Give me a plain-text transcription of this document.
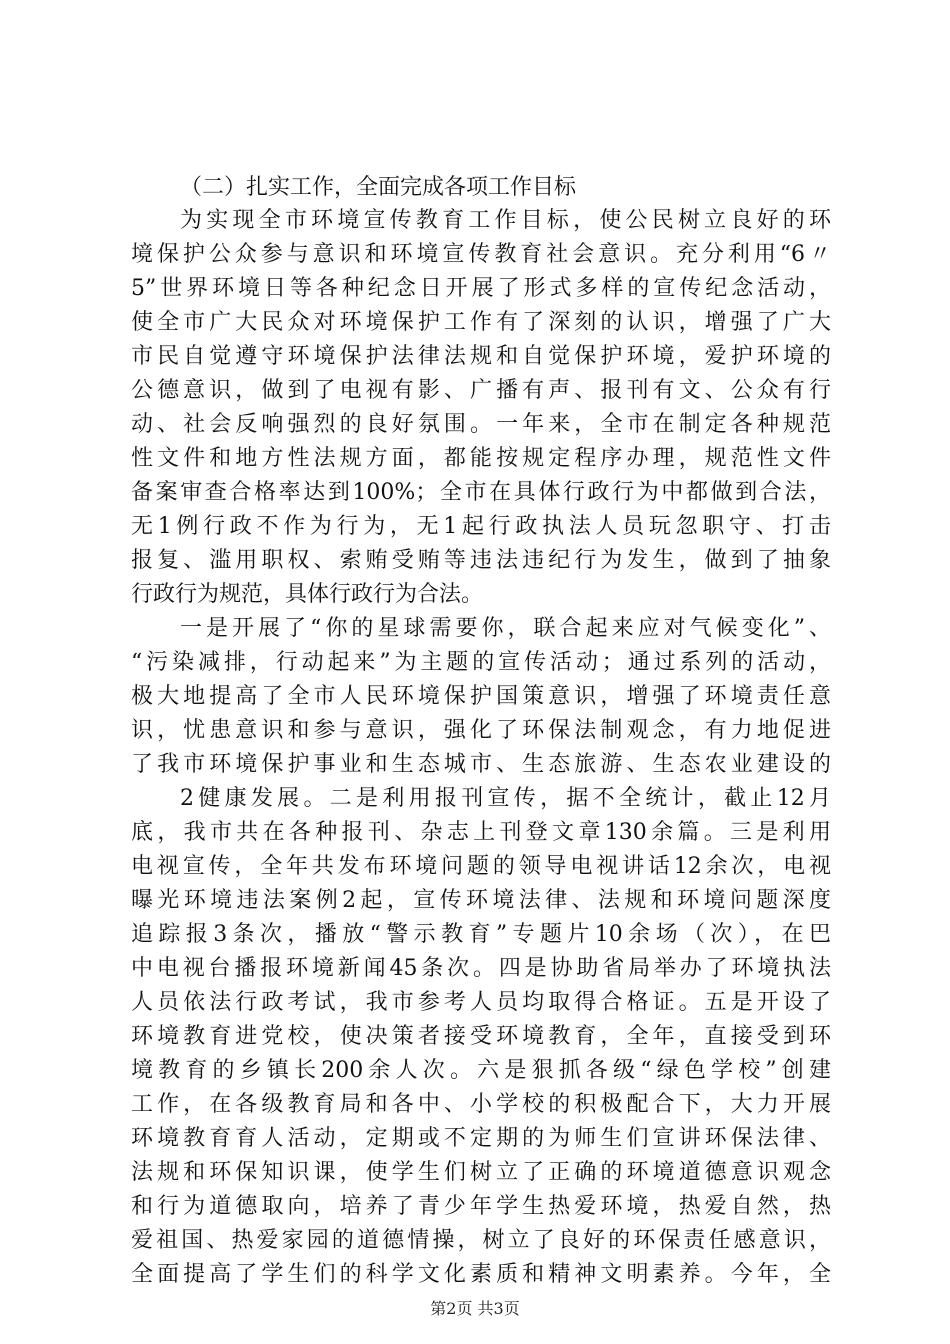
（二）扎实工作，全面完成各项工作目标
为实现全市环境宣传教育工作目标，使公民树立良好的环
境保护公众参与意识和环境宣传教育社会意识。充分利用“6〃
5”世界环境日等各种纪念日开展了形式多样的宣传纪念活动，
使全市广大民众对环境保护工作有了深刻的认识，增强了广大
市民自觉遵守环境保护法律法规和自觉保护环境，爱护环境的
公德意识，做到了电视有影、广播有声、报刊有文、公众有行
动、社会反响强烈的良好氛围。一年来，全市在制定各种规范
性文件和地方性法规方面，都能按规定程序办理，规范性文件
备案审查合格率达到100%；全市在具体行政行为中都做到合法，
无1例行政不作为行为，无1起行政执法人员玩忽职守、打击
报复、滥用职权、索贿受贿等违法违纪行为发生，做到了抽象
行政行为规范，具体行政行为合法。
一是开展了“你的星球需要你，联合起来应对气候变化”、
“污染减排，行动起来”为主题的宣传活动；通过系列的活动，
极大地提高了全市人民环境保护国策意识，增强了环境责任意
识，忧患意识和参与意识，强化了环保法制观念，有力地促进
了我市环境保护事业和生态城市、生态旅游、生态农业建设的
2健康发展。二是利用报刊宣传，据不全统计，截止12月
底，我市共在各种报刊、杂志上刊登文章130余篇。三是利用
电视宣传，全年共发布环境问题的领导电视讲话12余次，电视
曝光环境违法案例2起，宣传环境法律、法规和环境问题深度
追踪报3条次，播放“警示教育”专题片10余场（次），在巴
中电视台播报环境新闻45条次。四是协助省局举办了环境执法
人员依法行政考试，我市参考人员均取得合格证。五是开设了
环境教育进党校，使决策者接受环境教育，全年，直接受到环
境教育的乡镇长200余人次。六是狠抓各级“绿色学校”创建
工作，在各级教育局和各中、小学校的积极配合下，大力开展
环境教育育人活动，定期或不定期的为师生们宣讲环保法律、
法规和环保知识课，使学生们树立了正确的环境道德意识观念
和行为道德取向，培养了青少年学生热爱环境，热爱自然，热
爱祖国、热爱家园的道德情操，树立了良好的环保责任感意识，
全面提高了学生们的科学文化素质和精神文明素养。今年，全
第2页 共3页
